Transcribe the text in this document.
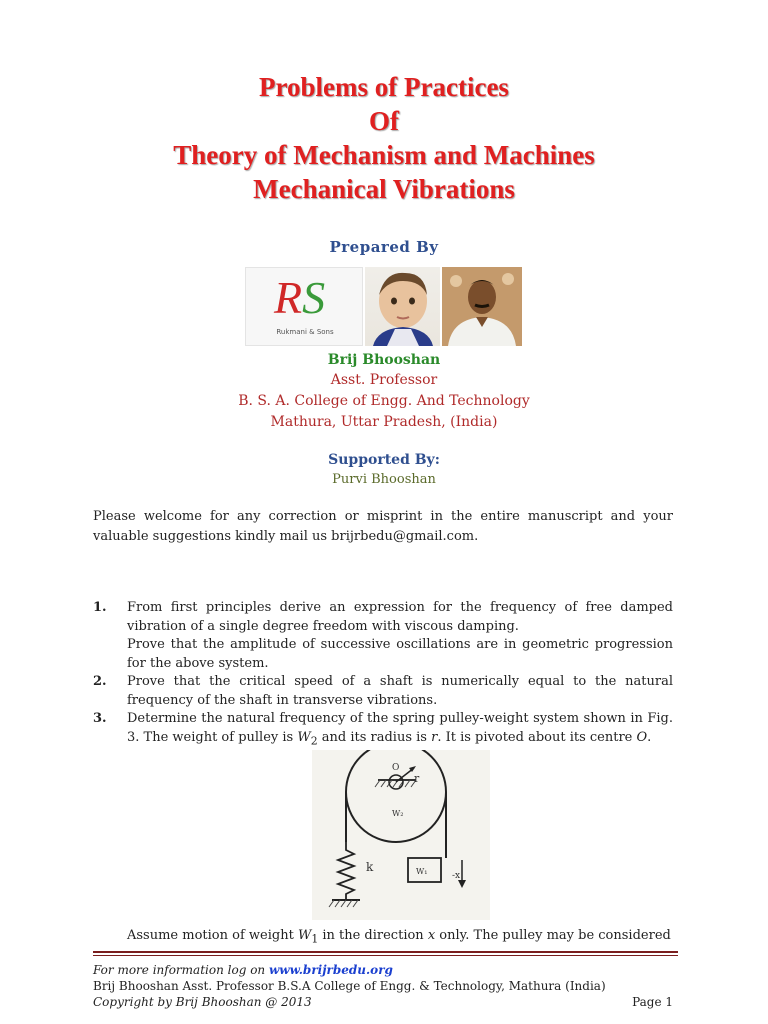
Problems of Practices
Of
Theory of Mechanism and Machines
Mechanical Vibrations
Prepared By
RS
Rukmani & Sons
Brij Bhooshan
Asst. Professor
B. S. A. College of Engg. And Technology
Mathura, Uttar Pradesh, (India)
Supported By:
Purvi Bhooshan
Please welcome for any correction or misprint in the entire manuscript and your valuable suggestions kindly mail us brijrbedu@gmail.com.
1. From first principles derive an expression for the frequency of free damped vibration of a single degree freedom with viscous damping.

Prove that the amplitude of successive oscillations are in geometric progression for the above system.

2. Prove that the critical speed of a shaft is numerically equal to the natural frequency of the shaft in transverse vibrations.

3. Determine the natural frequency of the spring pulley-weight system shown in Fig. 3. The weight of pulley is $W_2$ and its radius is r. It is pivoted about its centre O.

O
r
W₂
k	W₁	-x
Assume motion of weight $W_1$ in the direction x only. The pulley may be considered
For more information log on www.brijrbedu.org
Brij Bhooshan Asst. Professor B.S.A College of Engg. & Technology, Mathura (India)
Copyright by Brij Bhooshan @ 2013	Page 1
